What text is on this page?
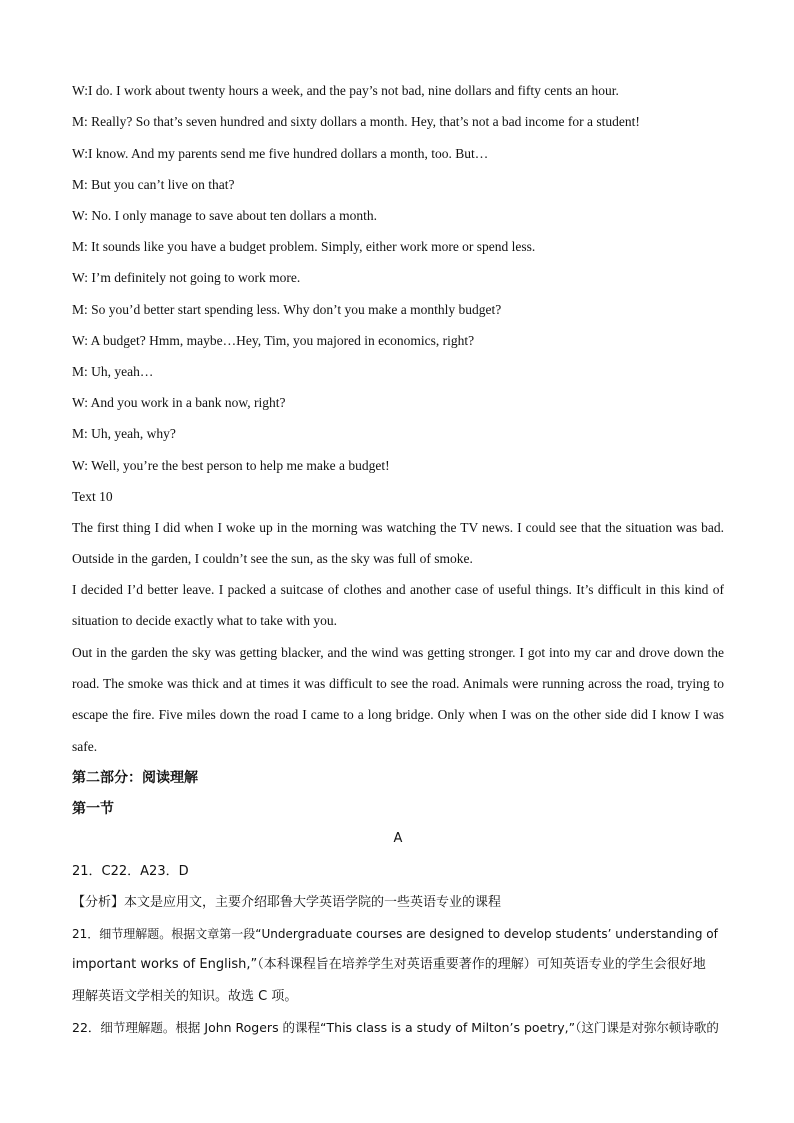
W:I do. I work about twenty hours a week, and the pay’s not bad, nine dollars and fifty cents an hour.

M: Really? So that’s seven hundred and sixty dollars a month. Hey, that’s not a bad income for a student!

W:I know. And my parents send me five hundred dollars a month, too. But…

M: But you can’t live on that?

W: No. I only manage to save about ten dollars a month.

M: It sounds like you have a budget problem. Simply, either work more or spend less.

W: I’m definitely not going to work more.

M: So you’d better start spending less. Why don’t you make a monthly budget?

W: A budget? Hmm, maybe…Hey, Tim, you majored in economics, right?

M: Uh, yeah…

W: And you work in a bank now, right?

M: Uh, yeah, why?

W: Well, you’re the best person to help me make a budget!

Text 10

The first thing I did when I woke up in the morning was watching the TV news. I could see that the situation was bad. Outside in the garden, I couldn’t see the sun, as the sky was full of smoke.

I decided I’d better leave. I packed a suitcase of clothes and another case of useful things. It’s difficult in this kind of situation to decide exactly what to take with you.

Out in the garden the sky was getting blacker, and the wind was getting stronger. I got into my car and drove down the road. The smoke was thick and at times it was difficult to see the road. Animals were running across the road, trying to escape the fire. Five miles down the road I came to a long bridge. Only when I was on the other side did I know I was safe.

第二部分：阅读理解

第一节

A

21．C22．A23．D

【分析】本文是应用文，主要介绍耶鲁大学英语学院的一些英语专业的课程

21．细节理解题。根据文章第一段“Undergraduate courses are designed to develop students’ understanding of

important works of English,”（本科课程旨在培养学生对英语重要著作的理解）可知英语专业的学生会很好地

理解英语文学相关的知识。故选 C 项。

22．细节理解题。根据 John Rogers 的课程“This class is a study of Milton’s poetry,”（这门课是对弥尔顿诗歌的
